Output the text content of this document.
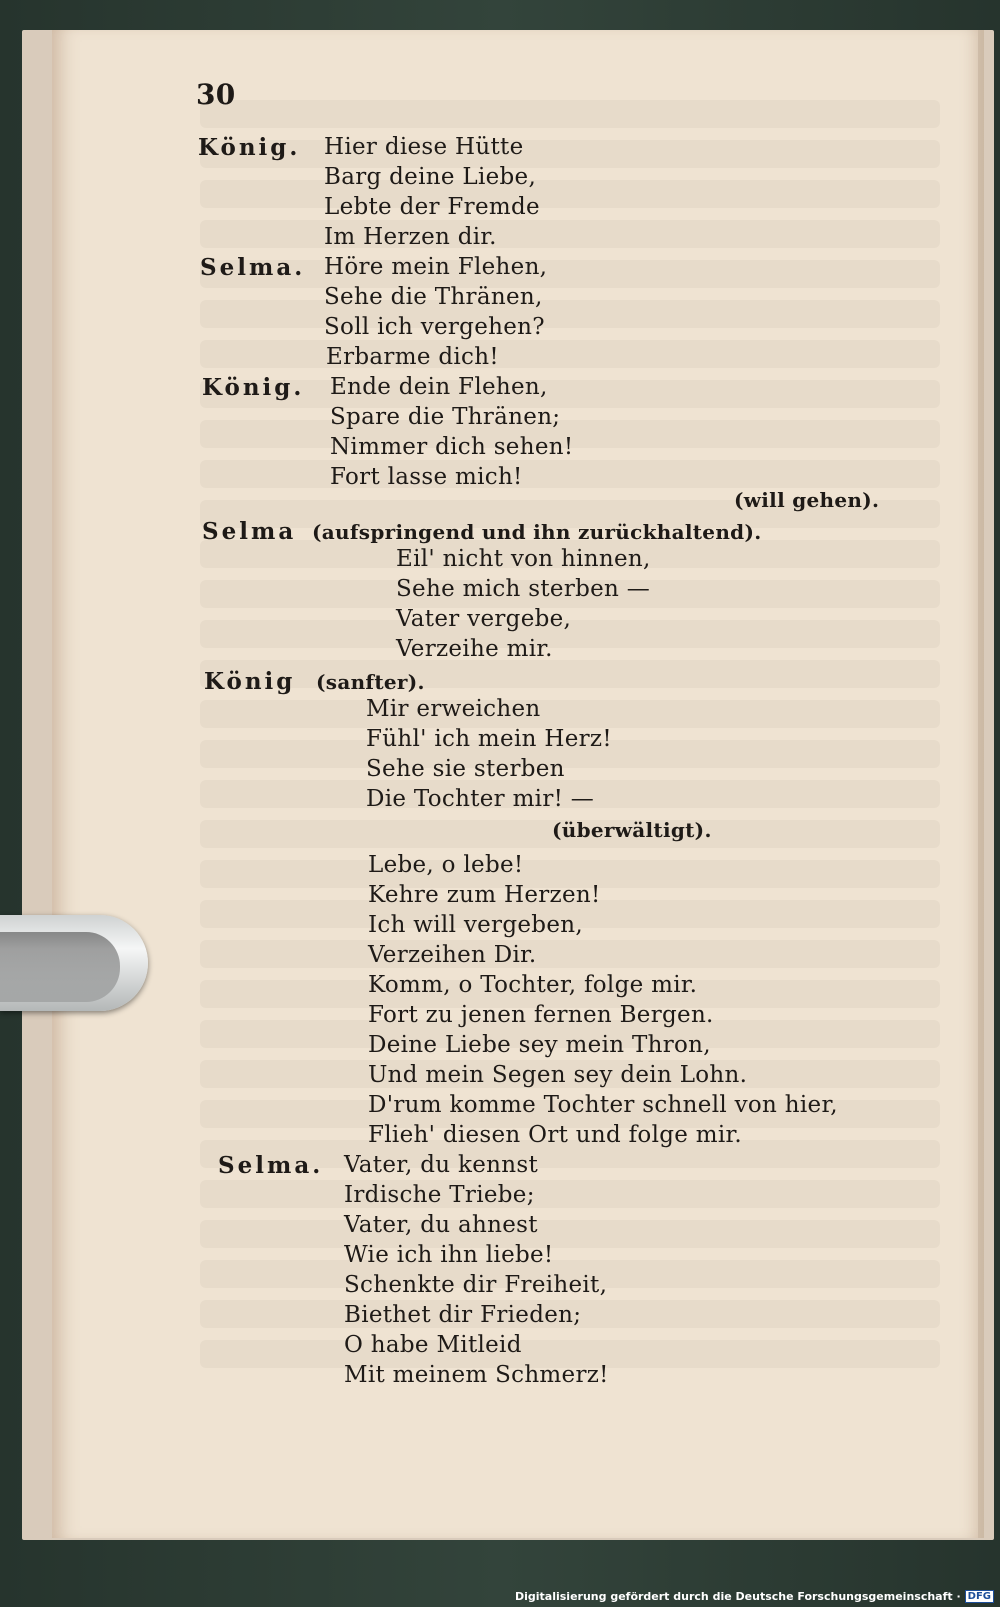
30
König. Hier diese Hütte
Barg deine Liebe,
Lebte der Fremde
Im Herzen dir.
Selma. Höre mein Flehen,
Sehe die Thränen,
Soll ich vergehen?
Erbarme dich!
König. Ende dein Flehen,
Spare die Thränen;
Nimmer dich sehen!
Fort lasse mich!
(will gehen).
Selma (aufspringend und ihn zurückhaltend).
Eil' nicht von hinnen,
Sehe mich sterben —
Vater vergebe,
Verzeihe mir.
König (sanfter).
Mir erweichen
Fühl' ich mein Herz!
Sehe sie sterben
Die Tochter mir! —
(überwältigt).
Lebe, o lebe!
Kehre zum Herzen!
Ich will vergeben,
Verzeihen Dir.
Komm, o Tochter, folge mir.
Fort zu jenen fernen Bergen.
Deine Liebe sey mein Thron,
Und mein Segen sey dein Lohn.
D'rum komme Tochter schnell von hier,
Flieh' diesen Ort und folge mir.
Selma. Vater, du kennst
Irdische Triebe;
Vater, du ahnest
Wie ich ihn liebe!
Schenkte dir Freiheit,
Biethet dir Frieden;
O habe Mitleid
Mit meinem Schmerz!
Digitalisierung gefördert durch die Deutsche Forschungsgemeinschaft · DFG
